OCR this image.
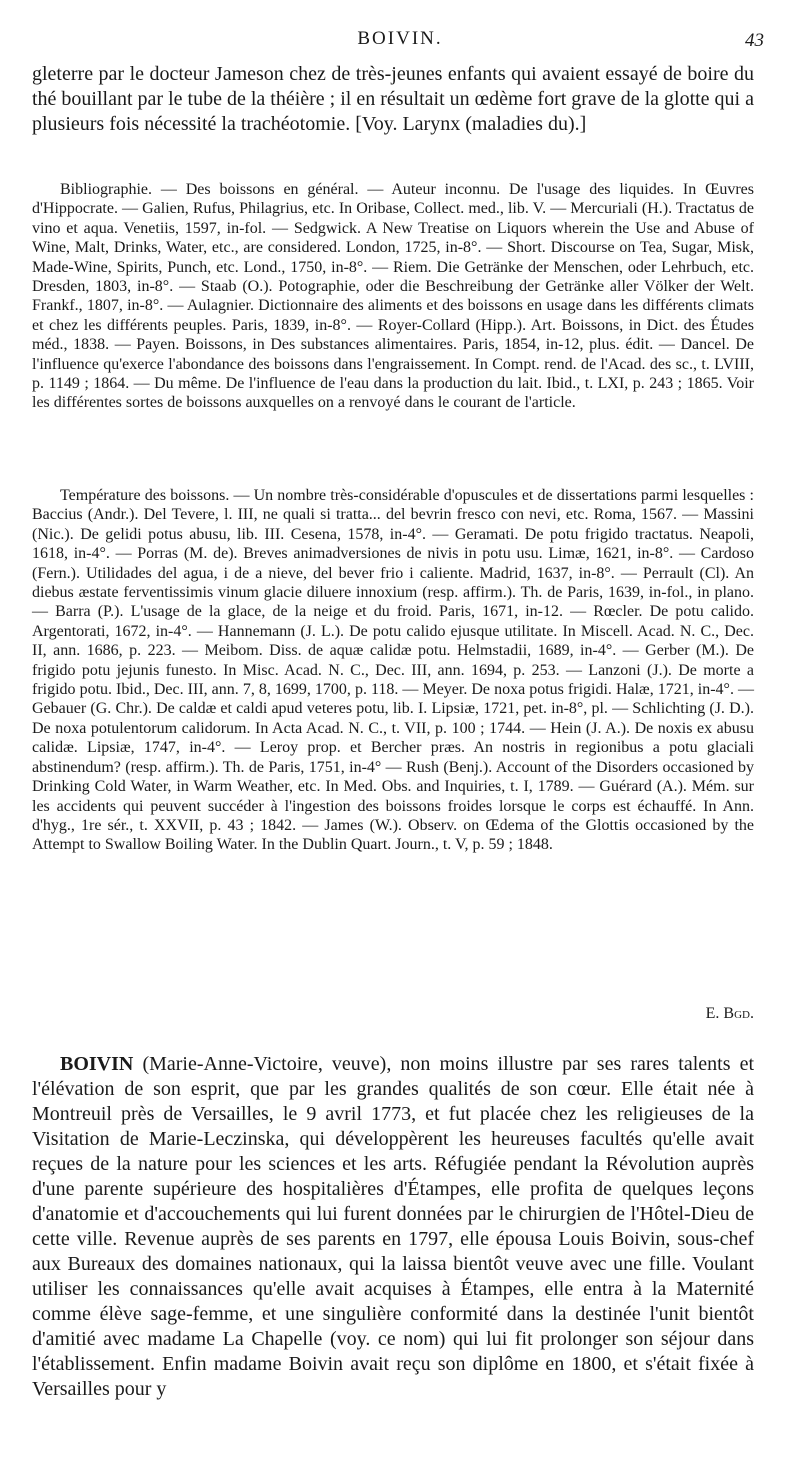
BOIVIN.	43

gleterre par le docteur Jameson chez de très-jeunes enfants qui avaient essayé de boire du thé bouillant par le tube de la théière ; il en résultait un œdème fort grave de la glotte qui a plusieurs fois nécessité la trachéotomie. [Voy. Larynx (maladies du).]

Bibliographie. — Des boissons en général. — Auteur inconnu. De l'usage des liquides. In Œuvres d'Hippocrate. — Galien, Rufus, Philagrius, etc. In Oribase, Collect. med., lib. V. — Mercuriali (H.). Tractatus de vino et aqua. Venetiis, 1597, in-fol. — Sedgwick. A New Treatise on Liquors wherein the Use and Abuse of Wine, Malt, Drinks, Water, etc., are considered. London, 1725, in-8°. — Short. Discourse on Tea, Sugar, Misk, Made-Wine, Spirits, Punch, etc. Lond., 1750, in-8°. — Riem. Die Getränke der Menschen, oder Lehrbuch, etc. Dresden, 1803, in-8°. — Staab (O.). Potographie, oder die Beschreibung der Getränke aller Völker der Welt. Frankf., 1807, in-8°. — Aulagnier. Dictionnaire des aliments et des boissons en usage dans les différents climats et chez les différents peuples. Paris, 1839, in-8°. — Royer-Collard (Hipp.). Art. Boissons, in Dict. des Études méd., 1838. — Payen. Boissons, in Des substances alimentaires. Paris, 1854, in-12, plus. édit. — Dancel. De l'influence qu'exerce l'abondance des boissons dans l'engraissement. In Compt. rend. de l'Acad. des sc., t. LVIII, p. 1149 ; 1864. — Du même. De l'influence de l'eau dans la production du lait. Ibid., t. LXI, p. 243 ; 1865. Voir les différentes sortes de boissons auxquelles on a renvoyé dans le courant de l'article.

Température des boissons. — Un nombre très-considérable d'opuscules et de dissertations parmi lesquelles : Baccius (Andr.). Del Tevere, l. III, ne quali si tratta... del bevrin fresco con nevi, etc. Roma, 1567. — Massini (Nic.). De gelidi potus abusu, lib. III. Cesena, 1578, in-4°. — Geramati. De potu frigido tractatus. Neapoli, 1618, in-4°. — Porras (M. de). Breves animadversiones de nivis in potu usu. Limæ, 1621, in-8°. — Cardoso (Fern.). Utilidades del agua, i de a nieve, del bever frio i caliente. Madrid, 1637, in-8°. — Perrault (Cl). An diebus æstate ferventissimis vinum glacie diluere innoxium (resp. affirm.). Th. de Paris, 1639, in-fol., in plano. — Barra (P.). L'usage de la glace, de la neige et du froid. Paris, 1671, in-12. — Rœcler. De potu calido. Argentorati, 1672, in-4°. — Hannemann (J. L.). De potu calido ejusque utilitate. In Miscell. Acad. N. C., Dec. II, ann. 1686, p. 223. — Meibom. Diss. de aquæ calidæ potu. Helmstadii, 1689, in-4°. — Gerber (M.). De frigido potu jejunis funesto. In Misc. Acad. N. C., Dec. III, ann. 1694, p. 253. — Lanzoni (J.). De morte a frigido potu. Ibid., Dec. III, ann. 7, 8, 1699, 1700, p. 118. — Meyer. De noxa potus frigidi. Halæ, 1721, in-4°. — Gebauer (G. Chr.). De caldæ et caldi apud veteres potu, lib. I. Lipsiæ, 1721, pet. in-8°, pl. — Schlichting (J. D.). De noxa potulentorum calidorum. In Acta Acad. N. C., t. VII, p. 100 ; 1744. — Hein (J. A.). De noxis ex abusu calidæ. Lipsiæ, 1747, in-4°. — Leroy prop. et Bercher præs. An nostris in regionibus a potu glaciali abstinendum? (resp. affirm.). Th. de Paris, 1751, in-4° — Rush (Benj.). Account of the Disorders occasioned by Drinking Cold Water, in Warm Weather, etc. In Med. Obs. and Inquiries, t. I, 1789. — Guérard (A.). Mém. sur les accidents qui peuvent succéder à l'ingestion des boissons froides lorsque le corps est échauffé. In Ann. d'hyg., 1re sér., t. XXVII, p. 43 ; 1842. — James (W.). Observ. on Œdema of the Glottis occasioned by the Attempt to Swallow Boiling Water. In the Dublin Quart. Journ., t. V, p. 59 ; 1848.

E. Bgd.

BOIVIN (Marie-Anne-Victoire, veuve), non moins illustre par ses rares talents et l'élévation de son esprit, que par les grandes qualités de son cœur. Elle était née à Montreuil près de Versailles, le 9 avril 1773, et fut placée chez les religieuses de la Visitation de Marie-Leczinska, qui développèrent les heureuses facultés qu'elle avait reçues de la nature pour les sciences et les arts. Réfugiée pendant la Révolution auprès d'une parente supérieure des hospitalières d'Étampes, elle profita de quelques leçons d'anatomie et d'accouchements qui lui furent données par le chirurgien de l'Hôtel-Dieu de cette ville. Revenue auprès de ses parents en 1797, elle épousa Louis Boivin, sous-chef aux Bureaux des domaines nationaux, qui la laissa bientôt veuve avec une fille. Voulant utiliser les connaissances qu'elle avait acquises à Étampes, elle entra à la Maternité comme élève sage-femme, et une singulière conformité dans la destinée l'unit bientôt d'amitié avec madame La Chapelle (voy. ce nom) qui lui fit prolonger son séjour dans l'établissement. Enfin madame Boivin avait reçu son diplôme en 1800, et s'était fixée à Versailles pour y
